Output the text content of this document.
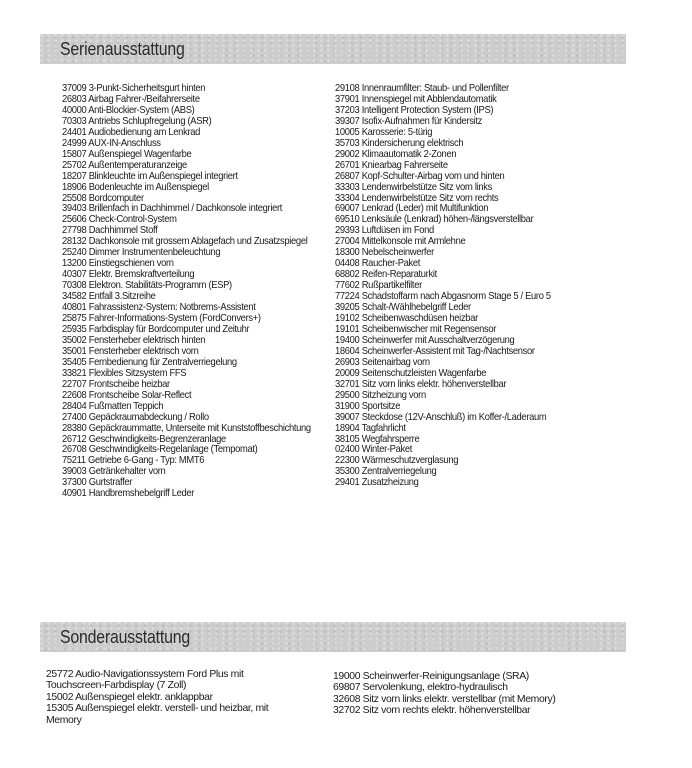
Serienausstattung
37009 3-Punkt-Sicherheitsgurt hinten
26803 Airbag Fahrer-/Beifahrerseite
40000 Anti-Blockier-System (ABS)
70303 Antriebs Schlupfregelung (ASR)
24401 Audiobedienung am Lenkrad
24999 AUX-IN-Anschluss
15807 Außenspiegel Wagenfarbe
25702 Außentemperaturanzeige
18207 Blinkleuchte im Außenspiegel integriert
18906 Bodenleuchte im Außenspiegel
25508 Bordcomputer
39403 Brillenfach in Dachhimmel / Dachkonsole integriert
25606 Check-Control-System
27798 Dachhimmel Stoff
28132 Dachkonsole mit grossem Ablagefach und Zusatzspiegel
25240 Dimmer Instrumentenbeleuchtung
13200 Einstiegschienen vorn
40307 Elektr. Bremskraftverteilung
70308 Elektron. Stabilitäts-Programm (ESP)
34582 Entfall 3.Sitzreihe
40801 Fahrassistenz-System: Notbrems-Assistent
25875 Fahrer-Informations-System (FordConvers+)
25935 Farbdisplay für Bordcomputer und Zeituhr
35002 Fensterheber elektrisch hinten
35001 Fensterheber elektrisch vorn
35405 Fernbedienung für Zentralverriegelung
33821 Flexibles Sitzsystem FFS
22707 Frontscheibe heizbar
22608 Frontscheibe Solar-Reflect
28404 Fußmatten Teppich
27400 Gepäckraumabdeckung / Rollo
28380 Gepäckraummatte, Unterseite mit Kunststoffbeschichtung
26712 Geschwindigkeits-Begrenzeranlage
26708 Geschwindigkeits-Regelanlage (Tempomat)
75211 Getriebe 6-Gang - Typ: MMT6
39003 Getränkehalter vorn
37300 Gurtstraffer
40901 Handbremshebelgriff Leder
29108 Innenraumfilter: Staub- und Pollenfilter
37901 Innenspiegel mit Abblendautomatik
37203 Intelligent Protection System (IPS)
39307 Isofix-Aufnahmen für Kindersitz
10005 Karosserie: 5-türig
35703 Kindersicherung elektrisch
29002 Klimaautomatik 2-Zonen
26701 Kniearbag Fahrerseite
26807 Kopf-Schulter-Airbag vorn und hinten
33303 Lendenwirbelstütze Sitz vorn links
33304 Lendenwirbelstütze Sitz vorn rechts
69007 Lenkrad (Leder) mit Multifunktion
69510 Lenksäule (Lenkrad) höhen-/längsverstellbar
29393 Luftdüsen im Fond
27004 Mittelkonsole mit Armlehne
18300 Nebelscheinwerfer
04408 Raucher-Paket
68802 Reifen-Reparaturkit
77602 Rußpartikelfilter
77224 Schadstoffarm nach Abgasnorm Stage 5 / Euro 5
39205 Schalt-/Wählhebelgriff Leder
19102 Scheibenwaschdüsen heizbar
19101 Scheibenwischer mit Regensensor
19400 Scheinwerfer mit Ausschaltverzögerung
18604 Scheinwerfer-Assistent mit Tag-/Nachtsensor
26903 Seitenairbag vorn
20009 Seitenschutzleisten Wagenfarbe
32701 Sitz vorn links elektr. höhenverstellbar
29500 Sitzheizung vorn
31900 Sportsitze
39007 Steckdose (12V-Anschluß) im Koffer-/Laderaum
18904 Tagfahrlicht
38105 Wegfahrsperre
02400 Winter-Paket
22300 Wärmeschutzverglasung
35300 Zentralverriegelung
29401 Zusatzheizung
Sonderausstattung
25772 Audio-Navigationssystem Ford Plus mit Touchscreen-Farbdisplay (7 Zoll)
15002 Außenspiegel elektr. anklappbar
15305 Außenspiegel elektr. verstell- und heizbar, mit Memory
19000 Scheinwerfer-Reinigungsanlage (SRA)
69807 Servolenkung, elektro-hydraulisch
32608 Sitz vorn links elektr. verstellbar (mit Memory)
32702 Sitz vorn rechts elektr. höhenverstellbar
